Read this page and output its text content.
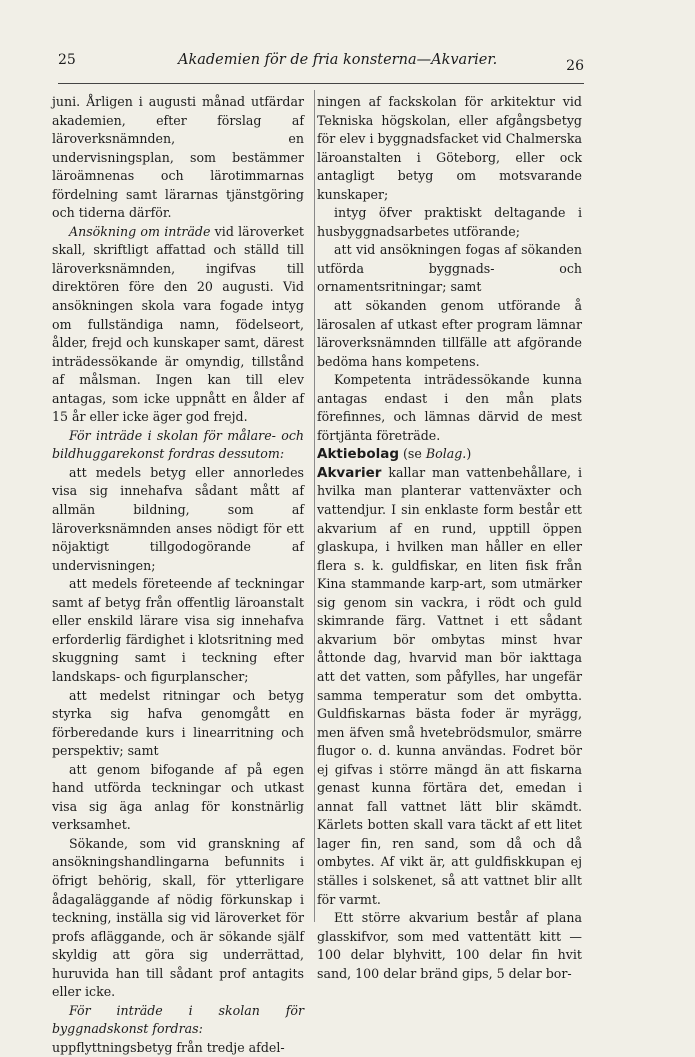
25	Akademien för de fria konsterna—Akvarier.	26

juni. Årligen i augusti månad utfärdar akademien, efter förslag af läroverksnämnden, en undervisningsplan, som bestämmer läroämnenas och lärotimmarnas fördelning samt lärarnas tjänstgöring och tiderna därför.

Ansökning om inträde vid läroverket skall, skriftligt affattad och ställd till läroverksnämnden, ingifvas till direktören före den 20 augusti. Vid ansökningen skola vara fogade intyg om fullständiga namn, födelseort, ålder, frejd och kunskaper samt, därest inträdessökande är omyndig, tillstånd af målsman. Ingen kan till elev antagas, som icke uppnått en ålder af 15 år eller icke äger god frejd.

För inträde i skolan för målare- och bildhuggarekonst fordras dessutom:

att medels betyg eller annorledes visa sig innehafva sådant mått af allmän bildning, som af läroverksnämnden anses nödigt för ett nöjaktigt tillgodogörande af undervisningen;

att medels företeende af teckningar samt af betyg från offentlig läroanstalt eller enskild lärare visa sig innehafva erforderlig färdighet i klotsritning med skuggning samt i teckning efter landskaps- och figurplanscher;

att medelst ritningar och betyg styrka sig hafva genomgått en förberedande kurs i linearritning och perspektiv; samt

att genom bifogande af på egen hand utförda teckningar och utkast visa sig äga anlag för konstnärlig verksamhet.

Sökande, som vid granskning af ansökningshandlingarna befunnits i öfrigt behörig, skall, för ytterligare ådagaläggande af nödig förkunskap i teckning, inställa sig vid läroverket för profs afläggande, och är sökande själf skyldig att göra sig underrättad, huruvida han till sådant prof antagits eller icke.

För inträde i skolan för byggnadskonst fordras:

uppflyttningsbetyg från tredje afdel-

ningen af fackskolan för arkitektur vid Tekniska högskolan, eller afgångsbetyg för elev i byggnadsfacket vid Chalmerska läroanstalten i Göteborg, eller ock antagligt betyg om motsvarande kunskaper;

intyg öfver praktiskt deltagande i husbyggnadsarbetes utförande;

att vid ansökningen fogas af sökanden utförda byggnads- och ornamentsritningar; samt

att sökanden genom utförande å lärosalen af utkast efter program lämnar läroverksnämnden tillfälle att afgörande bedöma hans kompetens.

Kompetenta inträdessökande kunna antagas endast i den mån plats förefinnes, och lämnas därvid de mest förtjänta företräde.

Aktiebolag (se Bolag.)

Akvarier kallar man vattenbehållare, i hvilka man planterar vattenväxter och vattendjur. I sin enklaste form består ett akvarium af en rund, upptill öppen glaskupa, i hvilken man håller en eller flera s. k. guldfiskar, en liten fisk från Kina stammande karp-art, som utmärker sig genom sin vackra, i rödt och guld skimrande färg. Vattnet i ett sådant akvarium bör ombytas minst hvar åttonde dag, hvarvid man bör iakttaga att det vatten, som påfylles, har ungefär samma temperatur som det ombytta. Guldfiskarnas bästa foder är myrägg, men äfven små hvetebrödsmulor, smärre flugor o. d. kunna användas. Fodret bör ej gifvas i större mängd än att fiskarna genast kunna förtära det, emedan i annat fall vattnet lätt blir skämdt. Kärlets botten skall vara täckt af ett litet lager fin, ren sand, som då och då ombytes. Af vikt är, att guldfiskkupan ej ställes i solskenet, så att vattnet blir allt för varmt.

Ett större akvarium består af plana glasskifvor, som med vattentätt kitt — 100 delar blyhvitt, 100 delar fin hvit sand, 100 delar bränd gips, 5 delar bor-
